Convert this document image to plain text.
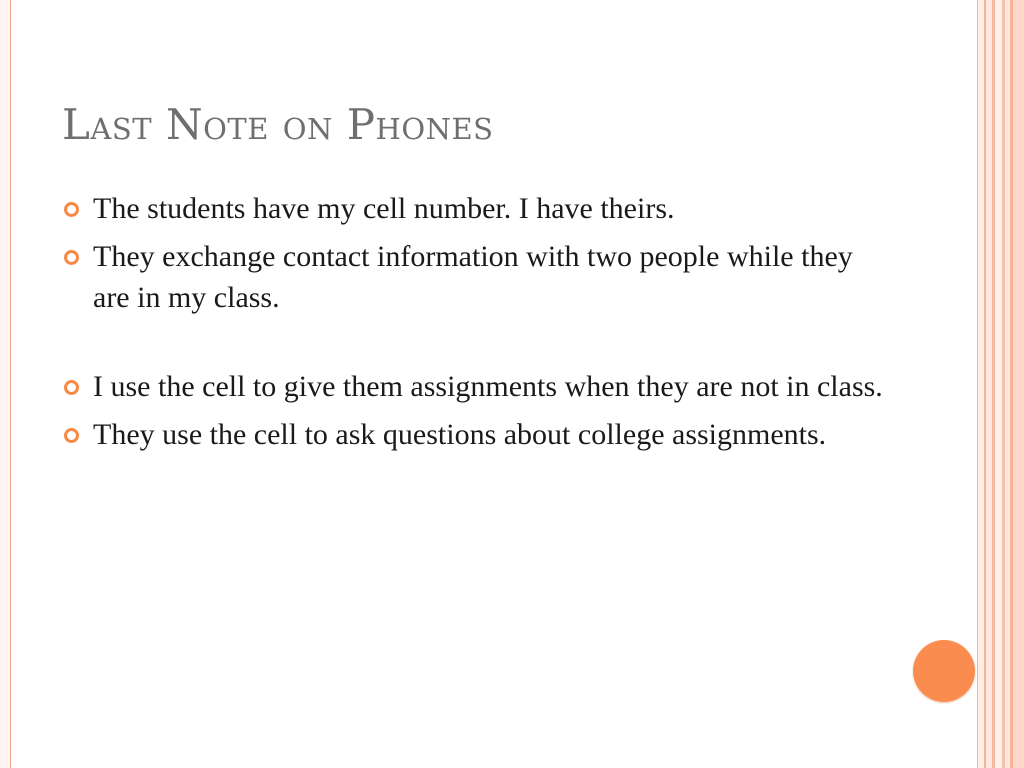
Last Note on Phones
The students have my cell number. I have theirs.
They exchange contact information with two people while they are in my class.
I use the cell to give them assignments when they are not in class.
They use the cell to ask questions about college assignments.
